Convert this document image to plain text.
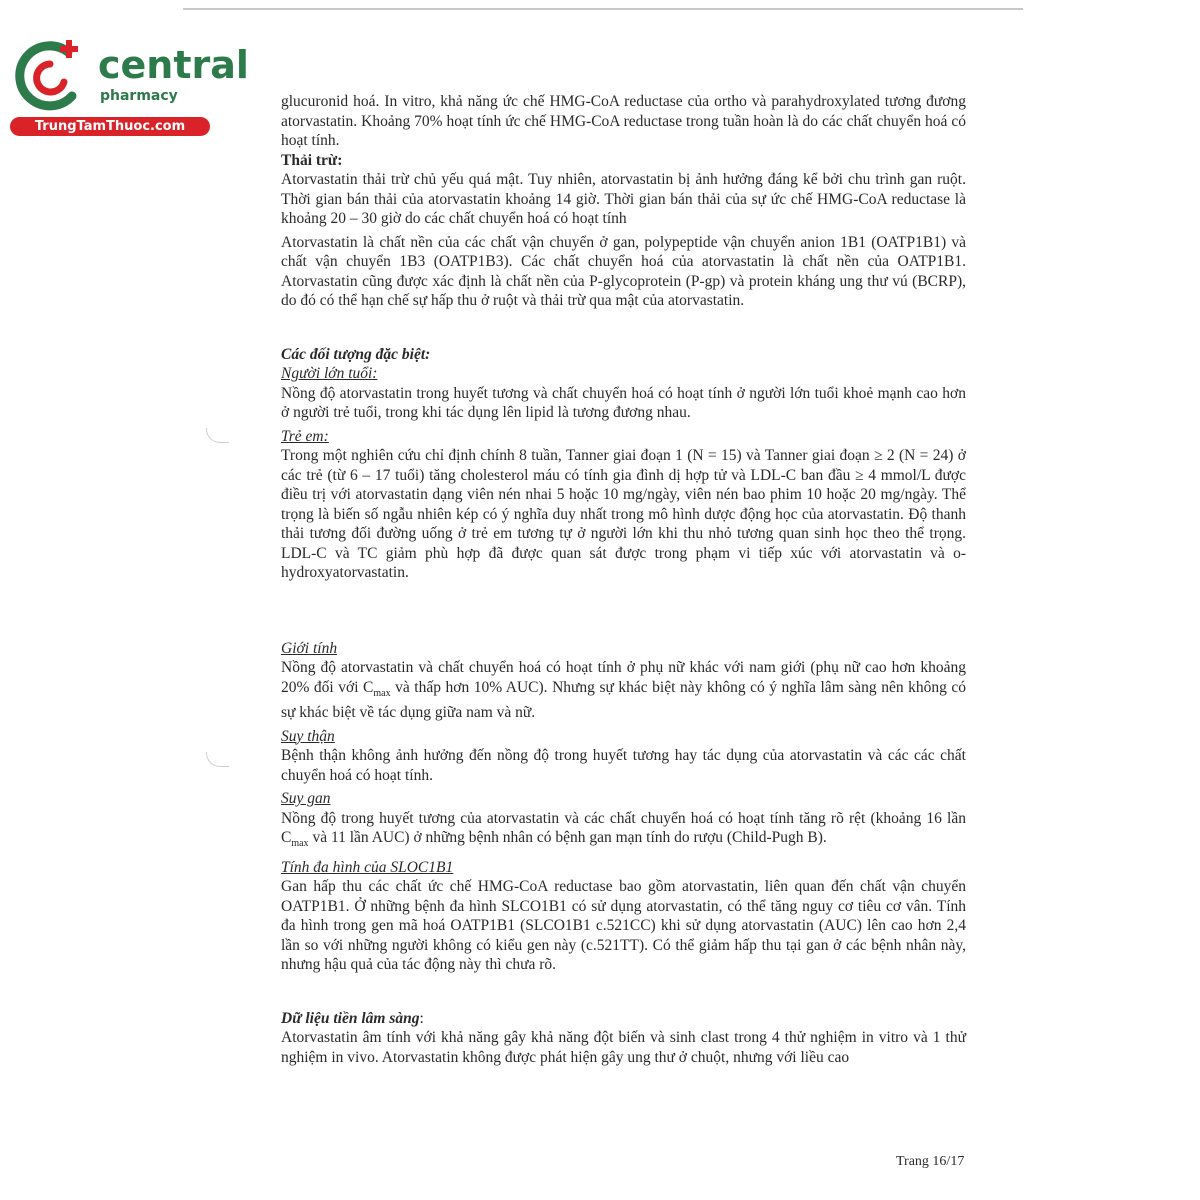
central
pharmacy
TrungTamThuoc.com

glucuronid hoá. In vitro, khả năng ức chế HMG-CoA reductase của ortho và parahydroxylated tương đương atorvastatin. Khoảng 70% hoạt tính ức chế HMG-CoA reductase trong tuần hoàn là do các chất chuyển hoá có hoạt tính.

Thải trừ:

Atorvastatin thải trừ chủ yếu quá mật. Tuy nhiên, atorvastatin bị ảnh hưởng đáng kể bởi chu trình gan ruột. Thời gian bán thải của atorvastatin khoảng 14 giờ. Thời gian bán thải của sự ức chế HMG-CoA reductase là khoảng 20 – 30 giờ do các chất chuyển hoá có hoạt tính

Atorvastatin là chất nền của các chất vận chuyển ở gan, polypeptide vận chuyển anion 1B1 (OATP1B1) và chất vận chuyển 1B3 (OATP1B3). Các chất chuyển hoá của atorvastatin là chất nền của OATP1B1. Atorvastatin cũng được xác định là chất nền của P-glycoprotein (P-gp) và protein kháng ung thư vú (BCRP), do đó có thể hạn chế sự hấp thu ở ruột và thải trừ qua mật của atorvastatin.

Các đối tượng đặc biệt:

Người lớn tuổi:

Nồng độ atorvastatin trong huyết tương và chất chuyển hoá có hoạt tính ở người lớn tuổi khoẻ mạnh cao hơn ở người trẻ tuổi, trong khi tác dụng lên lipid là tương đương nhau.

Trẻ em:

Trong một nghiên cứu chỉ định chính 8 tuần, Tanner giai đoạn 1 (N = 15) và Tanner giai đoạn ≥ 2 (N = 24) ở các trẻ (từ 6 – 17 tuổi) tăng cholesterol máu có tính gia đình dị hợp tử và LDL-C ban đầu ≥ 4 mmol/L được điều trị với atorvastatin dạng viên nén nhai 5 hoặc 10 mg/ngày, viên nén bao phim 10 hoặc 20 mg/ngày. Thể trọng là biến số ngẫu nhiên kép có ý nghĩa duy nhất trong mô hình dược động học của atorvastatin. Độ thanh thải tương đối đường uống ở trẻ em tương tự ở người lớn khi thu nhỏ tương quan sinh học theo thể trọng. LDL-C và TC giảm phù hợp đã được quan sát được trong phạm vi tiếp xúc với atorvastatin và o-hydroxyatorvastatin.

Giới tính

Nồng độ atorvastatin và chất chuyển hoá có hoạt tính ở phụ nữ khác với nam giới (phụ nữ cao hơn khoảng 20% đối với $C_{max}$ và thấp hơn 10% AUC). Nhưng sự khác biệt này không có ý nghĩa lâm sàng nên không có sự khác biệt về tác dụng giữa nam và nữ.

Suy thận

Bệnh thận không ảnh hưởng đến nồng độ trong huyết tương hay tác dụng của atorvastatin và các các chất chuyển hoá có hoạt tính.

Suy gan

Nồng độ trong huyết tương của atorvastatin và các chất chuyển hoá có hoạt tính tăng rõ rệt (khoảng 16 lần $C_{max}$ và 11 lần AUC) ở những bệnh nhân có bệnh gan mạn tính do rượu (Child-Pugh B).

Tính đa hình của SLOC1B1

Gan hấp thu các chất ức chế HMG-CoA reductase bao gồm atorvastatin, liên quan đến chất vận chuyển OATP1B1. Ở những bệnh đa hình SLCO1B1 có sử dụng atorvastatin, có thể tăng nguy cơ tiêu cơ vân. Tính đa hình trong gen mã hoá OATP1B1 (SLCO1B1 c.521CC) khi sử dụng atorvastatin (AUC) lên cao hơn 2,4 lần so với những người không có kiểu gen này (c.521TT). Có thể giảm hấp thu tại gan ở các bệnh nhân này, nhưng hậu quả của tác động này thì chưa rõ.

Dữ liệu tiền lâm sàng:

Atorvastatin âm tính với khả năng gây khả năng đột biến và sinh clast trong 4 thử nghiệm in vitro và 1 thử nghiệm in vivo. Atorvastatin không được phát hiện gây ung thư ở chuột, nhưng với liều cao

Trang 16/17
